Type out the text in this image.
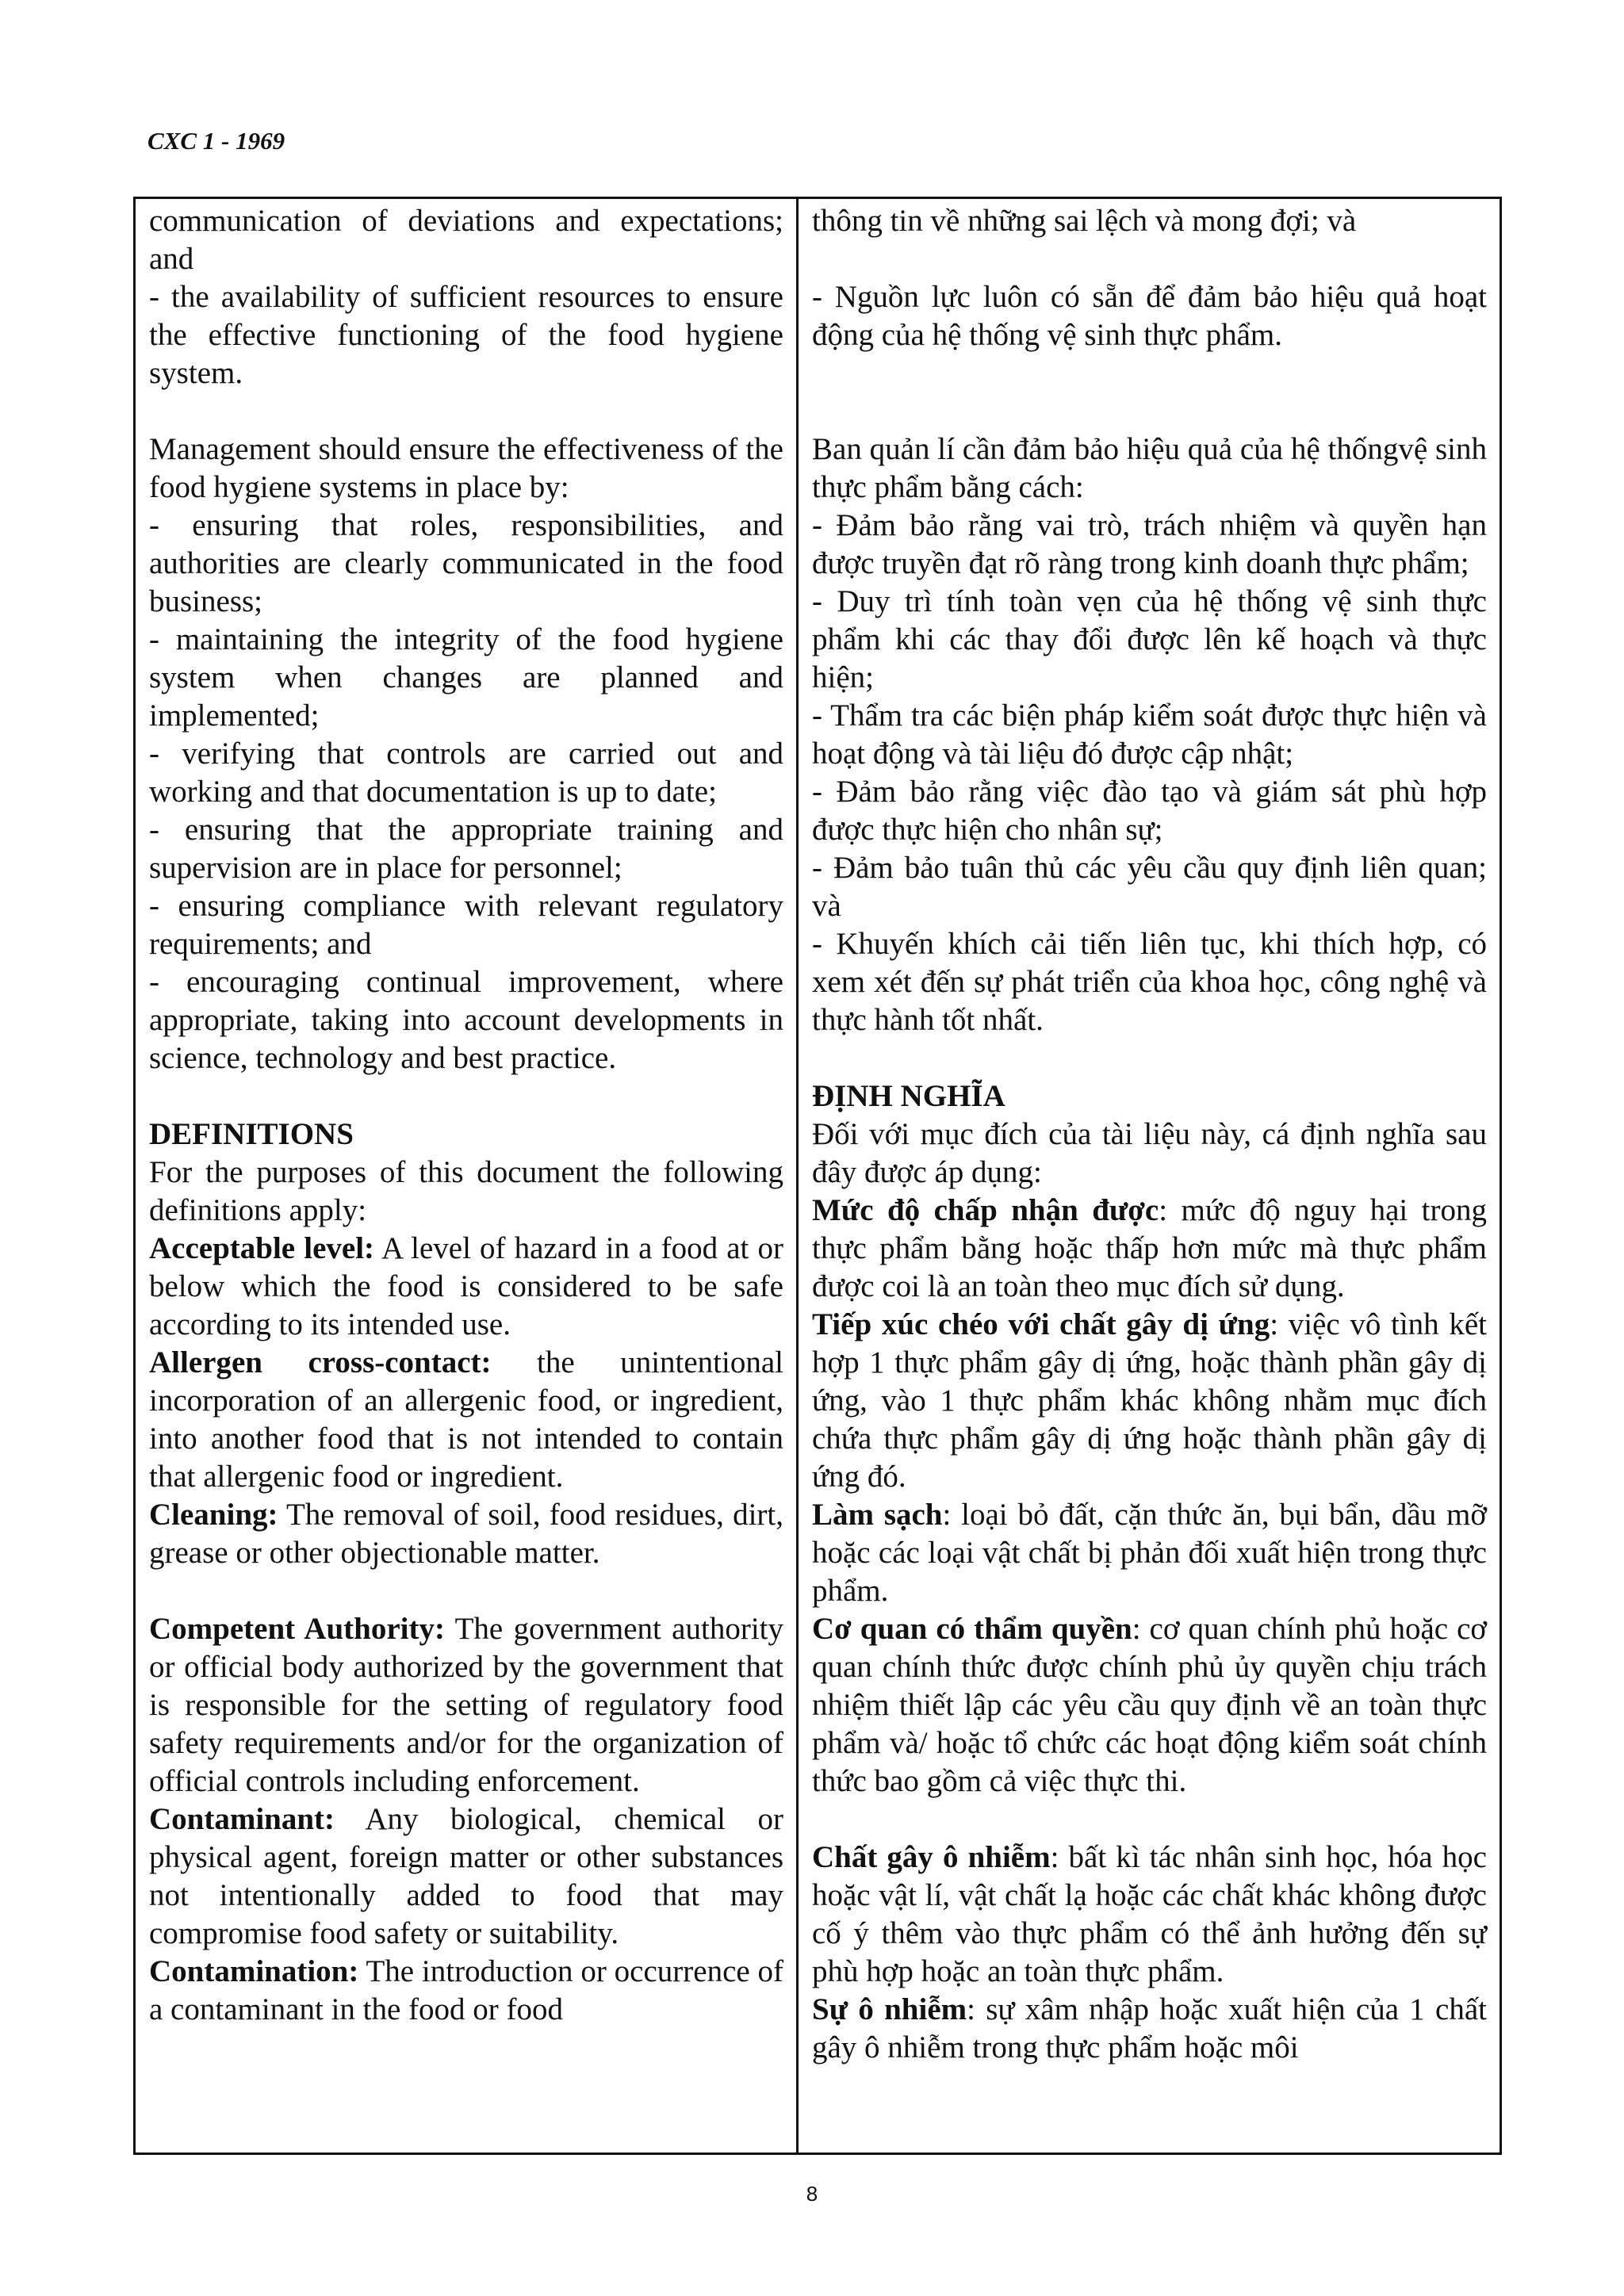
CXC 1 - 1969

communication of deviations and expectations; and

- the availability of sufficient resources to ensure the effective functioning of the food hygiene system.

Management should ensure the effectiveness of the food hygiene systems in place by:

- ensuring that roles, responsibilities, and authorities are clearly communicated in the food business;

- maintaining the integrity of the food hygiene system when changes are planned and implemented;

- verifying that controls are carried out and working and that documentation is up to date;

- ensuring that the appropriate training and supervision are in place for personnel;

- ensuring compliance with relevant regulatory requirements; and

- encouraging continual improvement, where appropriate, taking into account developments in science, technology and best practice.

DEFINITIONS

For the purposes of this document the following definitions apply:

Acceptable level: A level of hazard in a food at or below which the food is considered to be safe according to its intended use.

Allergen cross-contact: the unintentional incorporation of an allergenic food, or ingredient, into another food that is not intended to contain that allergenic food or ingredient.

Cleaning: The removal of soil, food residues, dirt, grease or other objectionable matter.

Competent Authority: The government authority or official body authorized by the government that is responsible for the setting of regulatory food safety requirements and/or for the organization of official controls including enforcement.

Contaminant: Any biological, chemical or physical agent, foreign matter or other substances not intentionally added to food that may compromise food safety or suitability.

Contamination: The introduction or occurrence of a contaminant in the food or food

thông tin về những sai lệch và mong đợi; và

- Nguồn lực luôn có sẵn để đảm bảo hiệu quả hoạt động của hệ thống vệ sinh thực phẩm.

Ban quản lí cần đảm bảo hiệu quả của hệ thốngvệ sinh thực phẩm bằng cách:

- Đảm bảo rằng vai trò, trách nhiệm và quyền hạn được truyền đạt rõ ràng trong kinh doanh thực phẩm;

- Duy trì tính toàn vẹn của hệ thống vệ sinh thực phẩm khi các thay đổi được lên kế hoạch và thực hiện;

- Thẩm tra các biện pháp kiểm soát được thực hiện và hoạt động và tài liệu đó được cập nhật;

- Đảm bảo rằng việc đào tạo và giám sát phù hợp được thực hiện cho nhân sự;

- Đảm bảo tuân thủ các yêu cầu quy định liên quan; và

- Khuyến khích cải tiến liên tục, khi thích hợp, có xem xét đến sự phát triển của khoa học, công nghệ và thực hành tốt nhất.

ĐỊNH NGHĨA

Đối với mục đích của tài liệu này, cá định nghĩa sau đây được áp dụng:

Mức độ chấp nhận được: mức độ nguy hại trong thực phẩm bằng hoặc thấp hơn mức mà thực phẩm được coi là an toàn theo mục đích sử dụng.

Tiếp xúc chéo với chất gây dị ứng: việc vô tình kết hợp 1 thực phẩm gây dị ứng, hoặc thành phần gây dị ứng, vào 1 thực phẩm khác không nhằm mục đích chứa thực phẩm gây dị ứng hoặc thành phần gây dị ứng đó.

Làm sạch: loại bỏ đất, cặn thức ăn, bụi bẩn, dầu mỡ hoặc các loại vật chất bị phản đối xuất hiện trong thực phẩm.

Cơ quan có thẩm quyền: cơ quan chính phủ hoặc cơ quan chính thức được chính phủ ủy quyền chịu trách nhiệm thiết lập các yêu cầu quy định về an toàn thực phẩm và/ hoặc tổ chức các hoạt động kiểm soát chính thức bao gồm cả việc thực thi.

Chất gây ô nhiễm: bất kì tác nhân sinh học, hóa học hoặc vật lí, vật chất lạ hoặc các chất khác không được cố ý thêm vào thực phẩm có thể ảnh hưởng đến sự phù hợp hoặc an toàn thực phẩm.

Sự ô nhiễm: sự xâm nhập hoặc xuất hiện của 1 chất gây ô nhiễm trong thực phẩm hoặc môi

8
